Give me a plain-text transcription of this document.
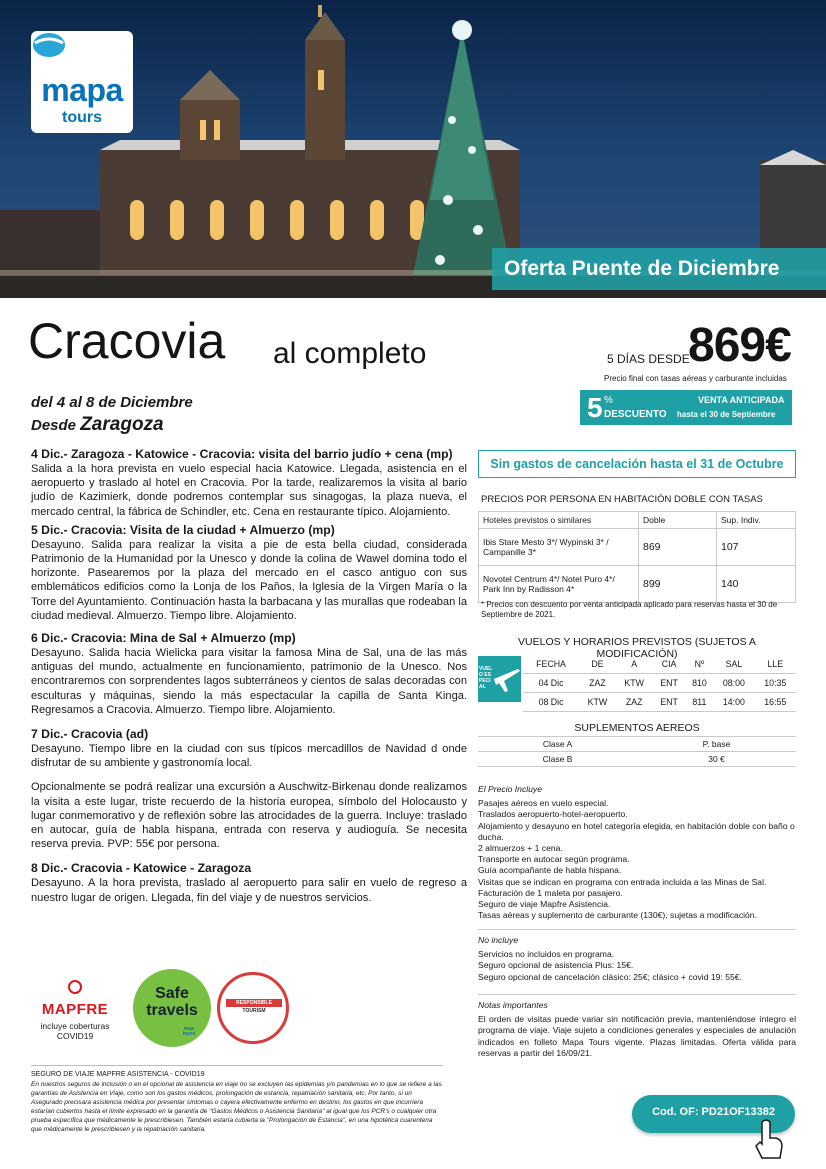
mapa
tours
Oferta Puente de Diciembre
Cracovia al completo
del 4 al 8 de Diciembre
Desde Zaragoza
5 DÍAS DESDE
869€
Precio final con tasas aéreas y carburante incluidas
5 %
DESCUENTO
VENTA ANTICIPADA
hasta el 30 de Septiembre
4 Dic.- Zaragoza - Katowice - Cracovia: visita del barrio judío + cena (mp)

Salida a la hora prevista en vuelo especial hacia Katowice. Llegada, asistencia en el aeropuerto y traslado al hotel en Cracovia. Por la tarde, realizaremos la visita al bario judío de Kazimierk, donde podremos contemplar sus sinagogas, la plaza nueva, el mercado central, la fábrica de Schindler, etc. Cena en restaurante típico. Alojamiento.

5 Dic.- Cracovia: Visita de la ciudad + Almuerzo (mp)

Desayuno. Salida para realizar la visita a pie de esta bella ciudad, considerada Patrimonio de la Humanidad por la Unesco y donde la colina de Wawel domina todo el horizonte. Pasearemos por la plaza del mercado en el casco antiguo con sus emblemáticos edificios como la Lonja de los Paños, la Iglesia de la Virgen María o la Torre del Ayuntamiento. Continuación hasta la barbacana y las murallas que rodeaban la ciudad medieval. Almuerzo. Tiempo libre. Alojamiento.

6 Dic.- Cracovia: Mina de Sal + Almuerzo (mp)

Desayuno. Salida hacia Wielicka para visitar la famosa Mina de Sal, una de las más antiguas del mundo, actualmente en funcionamiento, patrimonio de la Unesco. Nos encontraremos con sorprendentes lagos subterráneos y cientos de salas decoradas con esculturas y máquinas, siendo la más espectacular la capilla de Santa Kinga. Regresamos a Cracovia. Almuerzo. Tiempo libre. Alojamiento.

7 Dic.- Cracovia (ad)

Desayuno. Tiempo libre en la ciudad con sus típicos mercadillos de Navidad d onde disfrutar de su ambiente y gastronomía local.

Opcionalmente se podrá realizar una excursión a Auschwitz-Birkenau donde realizamos la visita a este lugar, triste recuerdo de la historia europea, símbolo del Holocausto y lugar conmemorativo y de reflexión sobre las atrocidades de la guerra. Incluye: traslado en autocar, guía de habla hispana, entrada con reserva y audioguía. Se necesita reserva previa. PVP: 55€ por persona.

8 Dic.- Cracovia - Katowice - Zaragoza

Desayuno. A la hora prevista, traslado al aeropuerto para salir en vuelo de regreso a nuestro lugar de origen. Llegada, fin del viaje y de nuestros servicios.

Sin gastos de cancelación hasta el 31 de Octubre
PRECIOS POR PERSONA EN HABITACIÓN DOBLE CON TASAS
Hoteles previstos o similares	Doble	Sup. Indiv.
Ibis Stare Mesto 3*/ Wypinski 3* / Campanille 3*	869	107
Novotel Centrum 4*/ Notel Puro 4*/ Park Inn by Radisson 4*	899	140
* Precios con descuento por venta anticipada aplicado para reservas hasta el 30 de Septiembre de 2021.
VUELOS Y HORARIOS PREVISTOS (SUJETOS A MODIFICACIÓN)
VUELO ESPECIAL
FECHA	DE	A	CIA	Nº	SAL	LLE
04 Dic	ZAZ	KTW	ENT	810	08:00	10:35
08 Dic	KTW	ZAZ	ENT	811	14:00	16:55
SUPLEMENTOS AEREOS
Clase A	P. base
Clase B	30 €
El Precio Incluye
Pasajes aéreos en vuelo especial.
Traslados aeropuerto-hotel-aeropuerto.
Alojamiento y desayuno en hotel categoría elegida, en habitación doble con baño o ducha.
2 almuerzos + 1 cena.
Transporte en autocar según programa.
Guía acompañante de habla hispana.
Visitas que se indican en programa con entrada incluida a las Minas de Sal.
Facturación de 1 maleta por pasajero.
Seguro de viaje Mapfre Asistencia.
Tasas aéreas y suplemento de carburante (130€), sujetas a modificación.
No incluye
Servicios no incluidos en programa.
Seguro opcional de asistencia Plus: 15€.
Seguro opcional de cancelación clásico: 25€; clásico + covid 19: 55€.
Notas importantes
El orden de visitas puede variar sin notificación previa, manteniéndose íntegro el programa de viaje. Viaje sujeto a condiciones generales y especiales de anulación indicados en folleto Mapa Tours vigente. Plazas limitadas. Oferta válida para reservas a partir del 16/09/21.
MAPFRE
incluye coberturas COVID19
Safe
travels
map tours
RESPONSIBLE
TOURISM
SEGURO DE VIAJE MAPFRE ASISTENCIA - COVID19

En nuestros seguros de inclusión o en el opcional de asistencia en viaje no se excluyen las epidemias y/o pandemias en lo que se refiere a las garantías de Asistencia en Viaje, como son los gastos médicos, prolongación de estancia, repatriación sanitaria, etc. Por tanto, si un Asegurado precisara asistencia médica por presentar síntomas o cayera efectivamente enfermo en destino, los gastos en que incurriera estarían cubiertos hasta el límite expresado en la garantía de "Gastos Médicos o Asistencia Sanitaria" al igual que los PCR's o cualquier otra prueba específica que médicamente le prescribiesen. También estaría cubierta la "Prolongación de Estancia", en una hipotética cuarentena que médicamente le prescribiesen y la repatriación sanitaria.

Cod. OF: PD21OF13382
